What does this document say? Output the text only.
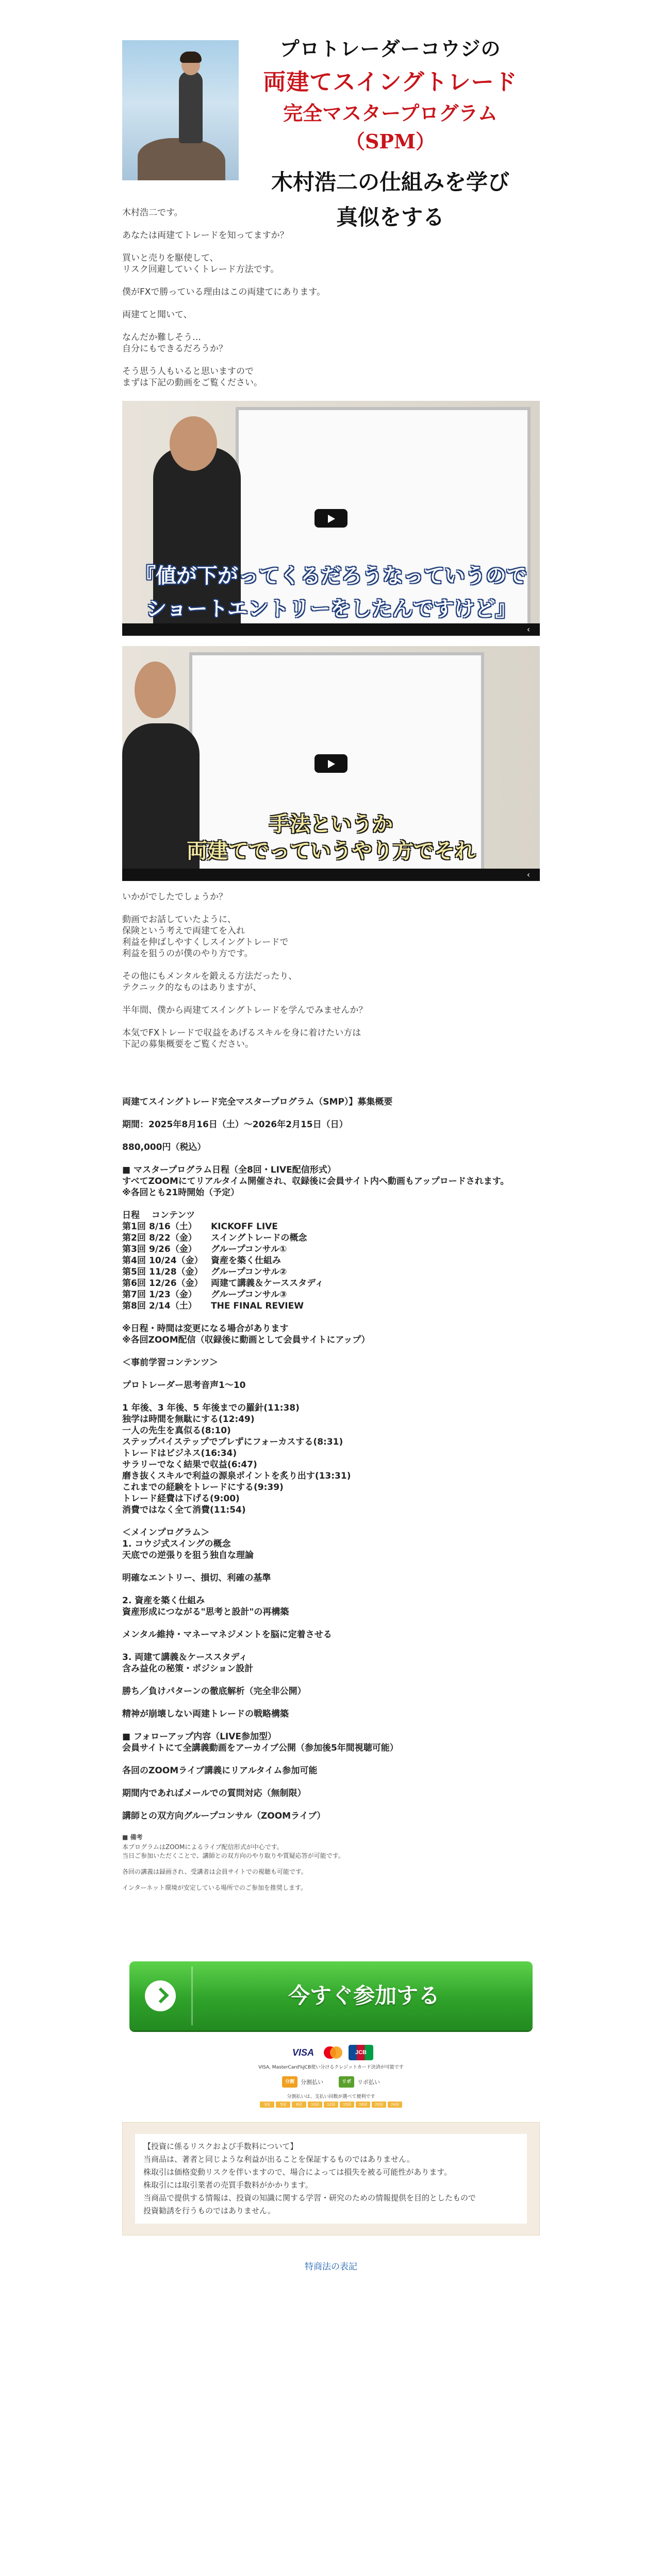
プロトレーダーコウジの
両建てスイングトレード
完全マスタープログラム（SPM）
木村浩二の仕組みを学び
真似をする

木村浩二です。

あなたは両建てトレードを知ってますか？

買いと売りを駆使して、
リスク回避していくトレード方法です。

僕がFXで勝っている理由はこの両建てにあります。

両建てと聞いて、

なんだか難しそう…
自分にもできるだろうか？

そう思う人もいると思いますので
まずは下記の動画をご覧ください。

『値が下がってくるだろうなっていうので
ショートエントリーをしたんですけど』
‹
手法というか
両建てでっていうやり方でそれ
‹

いかがでしたでしょうか？

動画でお話していたように、
保険という考えで両建てを入れ
利益を伸ばしやすくしスイングトレードで
利益を狙うのが僕のやり方です。

その他にもメンタルを鍛える方法だったり、
テクニック的なものはありますが、

半年間、僕から両建てスイングトレードを学んでみませんか？

本気でFXトレードで収益をあげるスキルを身に着けたい方は
下記の募集概要をご覧ください。

両建てスイングトレード完全マスタープログラム（SMP）】募集概要

期間：2025年8月16日（土）〜2026年2月15日（日）

880,000円（税込）

■ マスタープログラム日程（全8回・LIVE配信形式）
すべてZOOMにてリアルタイム開催され、収録後に会員サイト内へ動画もアップロードされます。
※各回とも21時開始（予定）

日程　 コンテンツ

第1回 8/16（土）	KICKOFF LIVE
第2回 8/22（金）	スイングトレードの概念
第3回 9/26（金）	グループコンサル①
第4回 10/24（金） 資産を築く仕組み
第5回 11/28（金） グループコンサル②
第6回 12/26（金） 両建て講義＆ケーススタディ
第7回 1/23（金）	グループコンサル③
第8回 2/14（土）	THE FINAL REVIEW

※日程・時間は変更になる場合があります
※各回ZOOM配信（収録後に動画として会員サイトにアップ）

＜事前学習コンテンツ＞

プロトレーダー思考音声1〜10

1 年後、3 年後、5 年後までの羅針(11:38)
独学は時間を無駄にする(12:49)
一人の先生を真似る(8:10)
ステップバイステップでブレずにフォーカスする(8:31)
トレードはビジネス(16:34)
サラリーでなく結果で収益(6:47)
磨き抜くスキルで利益の源泉ポイントを炙り出す(13:31)
これまでの経験をトレードにする(9:39)
トレード経費は下げる(9:00)
消費ではなく全て消費(11:54)

＜メインプログラム＞
1. コウジ式スイングの概念
天底での逆張りを狙う独自な理論

明確なエントリー、損切、利確の基準

2. 資産を築く仕組み
資産形成につながる"思考と設計"の再構築

メンタル維持・マネーマネジメントを脳に定着させる

3. 両建て講義＆ケーススタディ
含み益化の秘策・ポジション設計

勝ち／負けパターンの徹底解析（完全非公開）

精神が崩壊しない両建トレードの戦略構築

■ フォローアップ内容（LIVE参加型）
会員サイトにて全講義動画をアーカイブ公開（参加後5年間視聴可能）

各回のZOOMライブ講義にリアルタイム参加可能

期間内であればメールでの質問対応（無制限）

講師との双方向グループコンサル（ZOOMライブ）

■ 備考

本プログラムはZOOMによるライブ配信形式が中心です。
当日ご参加いただくことで、講師との双方向のやり取りや質疑応答が可能です。

各回の講義は録画され、受講者は会員サイトでの視聴も可能です。

インターネット環境が安定している場所でのご参加を推奨します。

今すぐ参加する
VISA	JCB
VISA, MasterCard%JCB使い分けるクレジットカード決済が可能です
分割	分割払い	リボ	リボ払い
分割払いは、支払い回数が選べて便利です
3回	5回	6回	10回	12回	15回	18回	20回	24回
【投資に係るリスクおよび手数料について】
当商品は、著者と同じような利益が出ることを保証するものではありません。
株取引は価格変動リスクを伴いますので、場合によっては損失を被る可能性があります。
株取引には取引業者の売買手数料がかかります。
当商品で提供する情報は、投資の知識に関する学習・研究のための情報提供を目的としたもので
投資勧誘を行うものではありません。
特商法の表記
